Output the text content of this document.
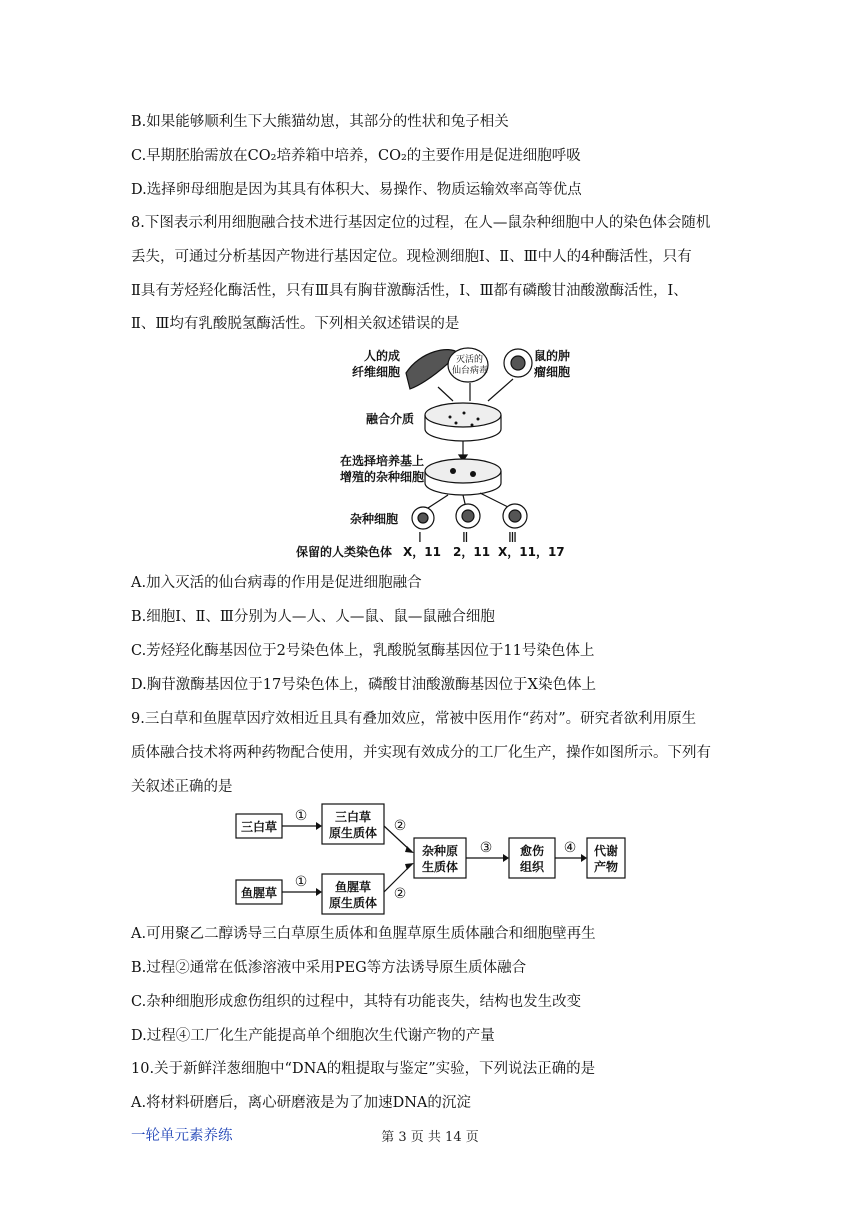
B.如果能够顺利生下大熊猫幼崽，其部分的性状和兔子相关
C.早期胚胎需放在CO₂培养箱中培养，CO₂的主要作用是促进细胞呼吸
D.选择卵母细胞是因为其具有体积大、易操作、物质运输效率高等优点
8.下图表示利用细胞融合技术进行基因定位的过程，在人—鼠杂种细胞中人的染色体会随机
丢失，可通过分析基因产物进行基因定位。现检测细胞Ⅰ、Ⅱ、Ⅲ中人的4种酶活性，只有
Ⅱ具有芳烃羟化酶活性，只有Ⅲ具有胸苷激酶活性，Ⅰ、Ⅲ都有磷酸甘油酸激酶活性，Ⅰ、
Ⅱ、Ⅲ均有乳酸脱氢酶活性。下列相关叙述错误的是
人的成
纤维细胞
鼠的肿
瘤细胞
融合介质
在选择培养基上
增殖的杂种细胞
杂种细胞
保留的人类染色体 X，11 2，11 X，11，17
灭活的
仙台病毒
Ⅰ	Ⅱ	Ⅲ
A.加入灭活的仙台病毒的作用是促进细胞融合
B.细胞Ⅰ、Ⅱ、Ⅲ分别为人—人、人—鼠、鼠—鼠融合细胞
C.芳烃羟化酶基因位于2号染色体上，乳酸脱氢酶基因位于11号染色体上
D.胸苷激酶基因位于17号染色体上，磷酸甘油酸激酶基因位于X染色体上
9.三白草和鱼腥草因疗效相近且具有叠加效应，常被中医用作“药对”。研究者欲利用原生
质体融合技术将两种药物配合使用，并实现有效成分的工厂化生产，操作如图所示。下列有
关叙述正确的是
三白草
鱼腥草
三白草
原生质体
鱼腥草
原生质体
杂种原
生质体
愈伤
组织
代谢
产物
①
①
②
②
③	④
A.可用聚乙二醇诱导三白草原生质体和鱼腥草原生质体融合和细胞壁再生
B.过程②通常在低渗溶液中采用PEG等方法诱导原生质体融合
C.杂种细胞形成愈伤组织的过程中，其特有功能丧失，结构也发生改变
D.过程④工厂化生产能提高单个细胞次生代谢产物的产量
10.关于新鲜洋葱细胞中“DNA的粗提取与鉴定”实验，下列说法正确的是
A.将材料研磨后，离心研磨液是为了加速DNA的沉淀
一轮单元素养练	第 3 页 共 14 页
